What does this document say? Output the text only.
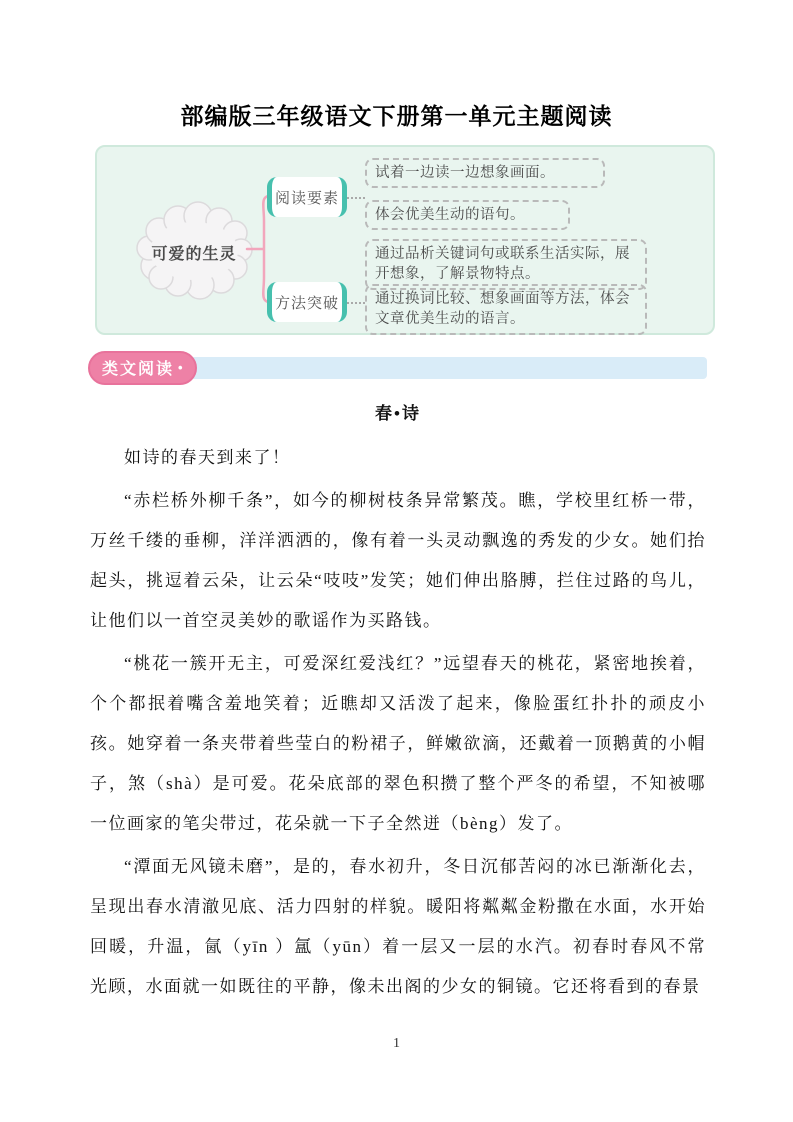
部编版三年级语文下册第一单元主题阅读
可爱的生灵
阅读要素
方法突破
试着一边读一边想象画面。
体会优美生动的语句。
通过品析关键词句或联系生活实际，展开想象，了解景物特点。
通过换词比较、想象画面等方法，体会文章优美生动的语言。
类文阅读 •
春•诗

如诗的春天到来了！

“赤栏桥外柳千条”，如今的柳树枝条异常繁茂。瞧，学校里红桥一带，万丝千缕的垂柳，洋洋洒洒的，像有着一头灵动飘逸的秀发的少女。她们抬起头，挑逗着云朵，让云朵“吱吱”发笑；她们伸出胳膊，拦住过路的鸟儿，让他们以一首空灵美妙的歌谣作为买路钱。

“桃花一簇开无主，可爱深红爱浅红？”远望春天的桃花，紧密地挨着，个个都抿着嘴含羞地笑着；近瞧却又活泼了起来，像脸蛋红扑扑的顽皮小孩。她穿着一条夹带着些莹白的粉裙子，鲜嫩欲滴，还戴着一顶鹅黄的小帽子，煞（shà）是可爱。花朵底部的翠色积攒了整个严冬的希望，不知被哪一位画家的笔尖带过，花朵就一下子全然迸（bèng）发了。

“潭面无风镜未磨”，是的，春水初升，冬日沉郁苦闷的冰已渐渐化去，呈现出春水清澈见底、活力四射的样貌。暖阳将粼粼金粉撒在水面，水开始回暖，升温，氤（yīn ）氲（yūn）着一层又一层的水汽。初春时春风不常光顾，水面就一如既往的平静，像未出阁的少女的铜镜。它还将看到的春景

1
